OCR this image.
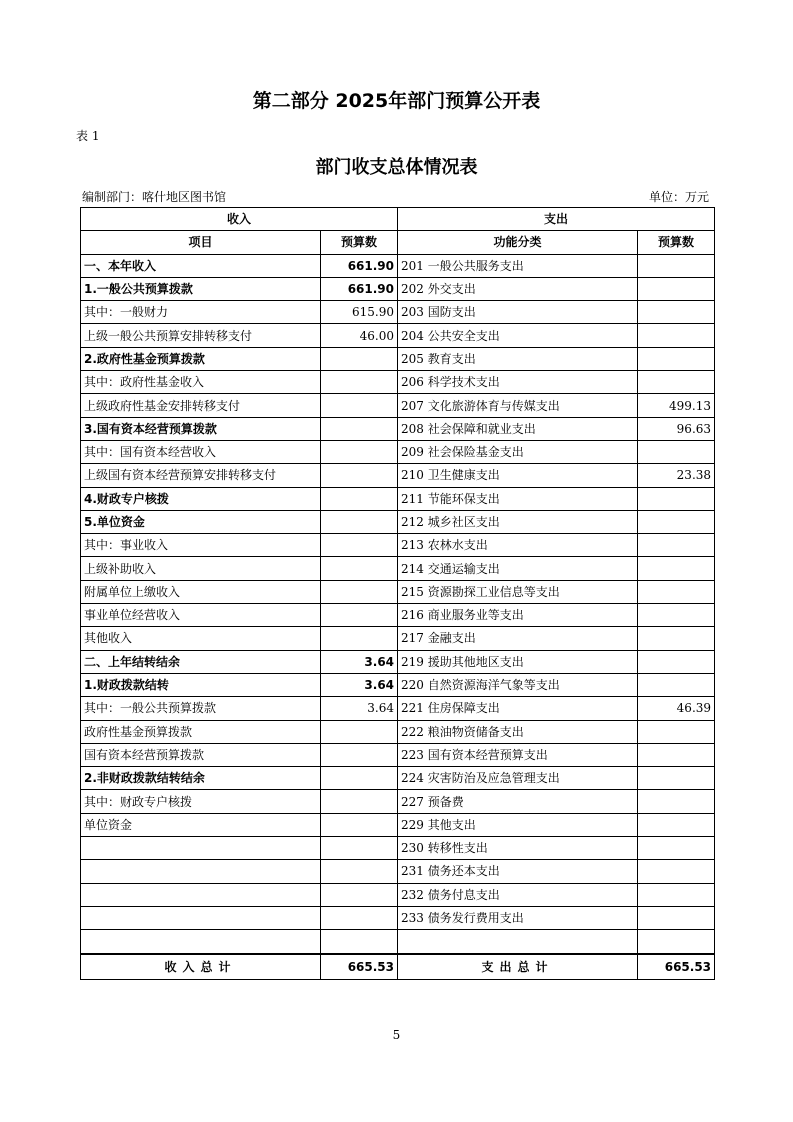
第二部分 2025年部门预算公开表
表 1
部门收支总体情况表
编制部门：喀什地区图书馆	单位：万元
收入		支出	
项目	预算数	功能分类	预算数
一、本年收入	661.90	201 一般公共服务支出	
1.一般公共预算拨款	661.90	202 外交支出	
其中：一般财力	615.90	203 国防支出	
上级一般公共预算安排转移支付	46.00	204 公共安全支出	
2.政府性基金预算拨款		205 教育支出	
其中：政府性基金收入		206 科学技术支出	
上级政府性基金安排转移支付		207 文化旅游体育与传媒支出	499.13
3.国有资本经营预算拨款		208 社会保障和就业支出	96.63
其中：国有资本经营收入		209 社会保险基金支出	
上级国有资本经营预算安排转移支付		210 卫生健康支出	23.38
4.财政专户核拨		211 节能环保支出	
5.单位资金		212 城乡社区支出	
其中：事业收入		213 农林水支出	
上级补助收入		214 交通运输支出	
附属单位上缴收入		215 资源勘探工业信息等支出	
事业单位经营收入		216 商业服务业等支出	
其他收入		217 金融支出	
二、上年结转结余	3.64	219 援助其他地区支出	
1.财政拨款结转	3.64	220 自然资源海洋气象等支出	
其中：一般公共预算拨款	3.64	221 住房保障支出	46.39
政府性基金预算拨款		222 粮油物资储备支出	
国有资本经营预算拨款		223 国有资本经营预算支出	
2.非财政拨款结转结余		224 灾害防治及应急管理支出	
其中：财政专户核拨		227 预备费	
单位资金		229 其他支出	
		230 转移性支出	
		231 债务还本支出	
		232 债务付息支出	
		233 债务发行费用支出	

收入总计	665.53	支出总计	665.53
5
